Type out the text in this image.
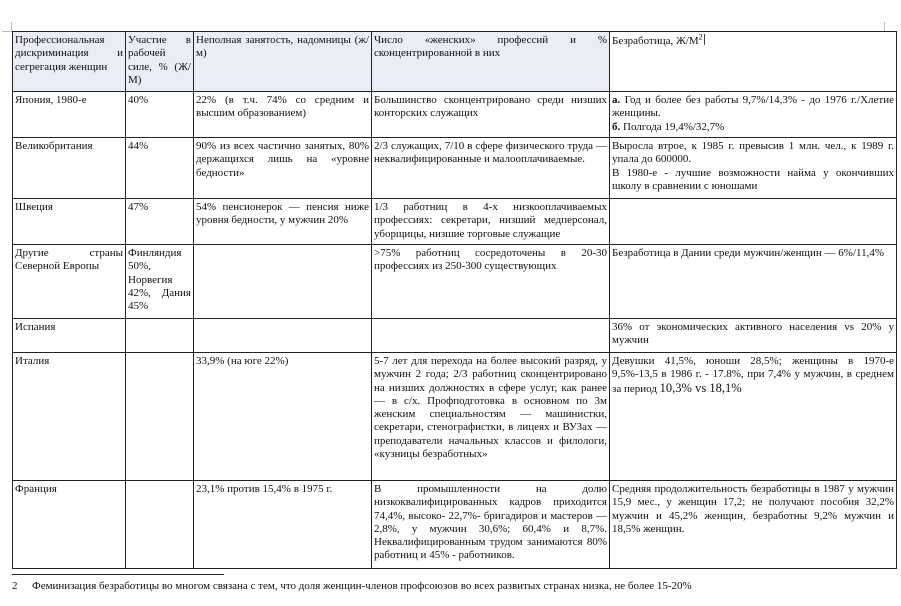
Профессиональная дискриминация и сегрегация женщин	Участие в рабочей силе, % (Ж/М)	Неполная занятость, надомницы (ж/м)	Число «женских» профессий и % сконцентрированной в них	Безработица, $Ж/М^2$
Япония, 1980-е	40%	22% (в т.ч. 74% со средним и высшим образованием)	Большинство сконцентрировано среди низших конторских служащих	а. Год и более без работы 9,7%/14,3% - до 1976 г./Хлетие женщины.
б. Полгода 19,4%/32,7%
Великобритания	44%	90% из всех частично занятых, 80% держащихся лишь на «уровне бедности»	2/3 служащих, 7/10 в сфере физического труда — неквалифицированные и малооплачиваемые.	Выросла втрое, к 1985 г. превысив 1 млн. чел., к 1989 г. упала до 600000.
В 1980-е - лучшие возможности найма у окончивших школу в сравнении с юношами
Швеция	47%	54% пенсионерок — пенсия ниже уровня бедности, у мужчин 20%	1/3 работниц в 4-х низкооплачиваемых профессиях: секретари, низший медперсонал, уборщицы, низшие торговые служащие	
Другие страны Северной Европы	Финляндия 50%, Норвегия 42%, Дания 45%		>75% работниц сосредоточены в 20-30 профессиях из 250-300 существующих	Безработица в Дании среди мужчин/женщин — 6%/11,4%
Испания				36% от экономических активного населения vs 20% у мужчин
Италия		33,9% (на юге 22%)	5-7 лет для перехода на более высокий разряд, у мужчин 2 года; 2/3 работниц сконцентрировано на низших должностях в сфере услуг, как ранее — в с/х. Профподготовка в основном по 3м женским специальностям — машинистки, секретари, стенографистки, в лицеях и ВУЗах — преподаватели начальных классов и филологи, «кузницы безработных»	Девушки 41,5%, юноши 28,5%; женщины в 1970-е 9,5%-13,5 в 1986 г. - 17.8%, при 7,4% у мужчин, в среднем за период 10,3% vs 18,1%
Франция		23,1% против 15,4% в 1975 г.	В промышленности на долю низкоквалифицированных кадров приходится 74,4%, высоко- 22,7%- бригадиров и мастеров — 2,8%, у мужчин 30,6%; 60,4% и 8,7%. Неквалифицированным трудом занимаются 80% работниц и 45% - работников.	Средняя продолжительность безработицы в 1987 у мужчин 15,9 мес., у женщин 17,2; не получают пособия 32,2% мужчин и 45,2% женщин, безработны 9,2% мужчин и 18,5% женщин.
2 Феминизация безработицы во многом связана с тем, что доля женщин-членов профсоюзов во всех развитых странах низка, не более 15-20%
